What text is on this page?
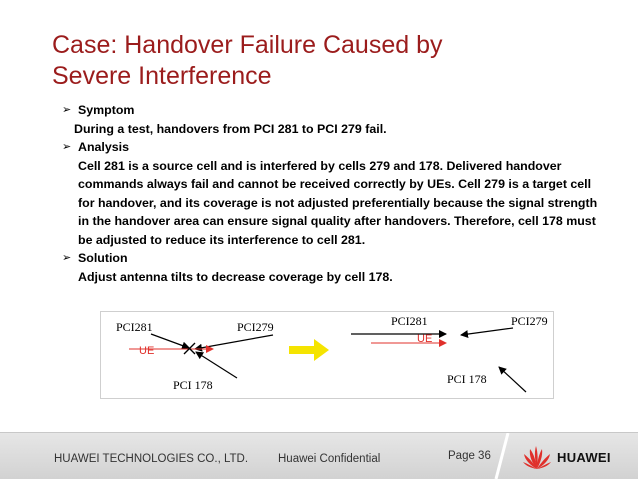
Case: Handover Failure Caused by
Severe Interference
➢ Symptom
During a test, handovers from PCI 281 to PCI 279 fail.
➢ Analysis
Cell 281 is a source cell and is interfered by cells 279 and 178. Delivered handover
commands always fail and cannot be received correctly by UEs. Cell 279 is a target cell
for handover, and its coverage is not adjusted preferentially because the signal strength
in the handover area can ensure signal quality after handovers. Therefore, cell 178 must
be adjusted to reduce its interference to cell 281.
➢ Solution
Adjust antenna tilts to decrease coverage by cell 178.
PCI281	PCI279
UE
PCI 178
PCI281	PCI279
UE
PCI 178
HUAWEI TECHNOLOGIES CO., LTD.	Huawei Confidential	Page 36	HUAWEI
